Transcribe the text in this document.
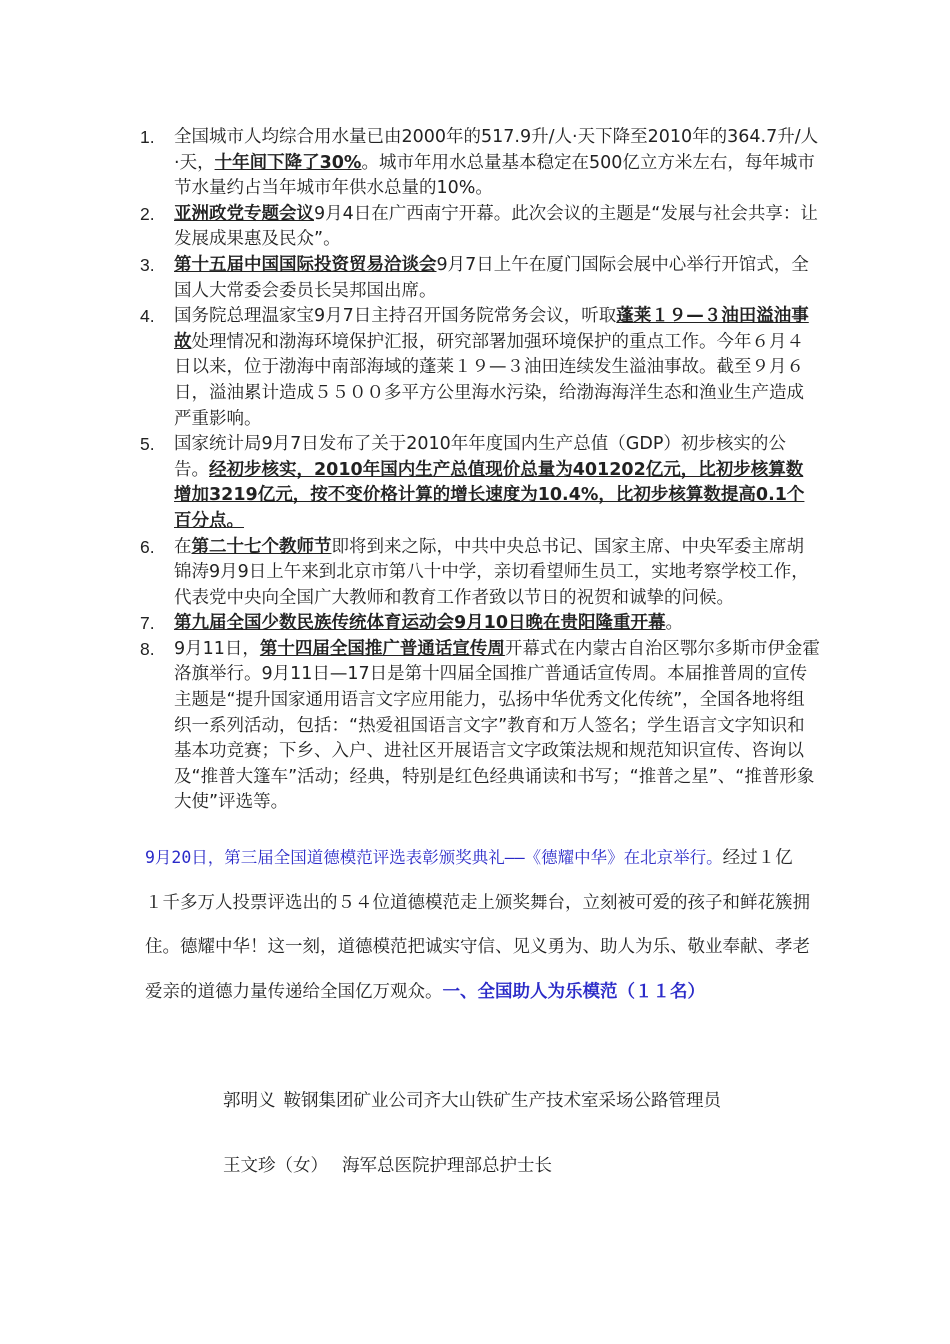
1.	全国城市人均综合用水量已由2000年的517.9升/人·天下降至2010年的364.7升/人·天，十年间下降了30%。城市年用水总量基本稳定在500亿立方米左右，每年城市节水量约占当年城市年供水总量的10%。
2.	亚洲政党专题会议9月4日在广西南宁开幕。此次会议的主题是“发展与社会共享：让发展成果惠及民众”。
3.	第十五届中国国际投资贸易洽谈会9月7日上午在厦门国际会展中心举行开馆式，全国人大常委会委员长吴邦国出席。
4.	国务院总理温家宝9月7日主持召开国务院常务会议，听取蓬莱１９—３油田溢油事故处理情况和渤海环境保护汇报，研究部署加强环境保护的重点工作。今年６月４日以来，位于渤海中南部海域的蓬莱１９—３油田连续发生溢油事故。截至９月６日，溢油累计造成５５００多平方公里海水污染，给渤海海洋生态和渔业生产造成严重影响。
5.	国家统计局9月7日发布了关于2010年年度国内生产总值（GDP）初步核实的公告。经初步核实，2010年国内生产总值现价总量为401202亿元，比初步核算数增加3219亿元，按不变价格计算的增长速度为10.4%，比初步核算数提高0.1个百分点。
6.	在第二十七个教师节即将到来之际，中共中央总书记、国家主席、中央军委主席胡锦涛9月9日上午来到北京市第八十中学，亲切看望师生员工，实地考察学校工作，代表党中央向全国广大教师和教育工作者致以节日的祝贺和诚挚的问候。
7.	第九届全国少数民族传统体育运动会9月10日晚在贵阳隆重开幕。
8.	9月11日，第十四届全国推广普通话宣传周开幕式在内蒙古自治区鄂尔多斯市伊金霍洛旗举行。9月11日—17日是第十四届全国推广普通话宣传周。本届推普周的宣传主题是“提升国家通用语言文字应用能力，弘扬中华优秀文化传统”，全国各地将组织一系列活动，包括：“热爱祖国语言文字”教育和万人签名；学生语言文字知识和基本功竞赛；下乡、入户、进社区开展语言文字政策法规和规范知识宣传、咨询以及“推普大篷车”活动；经典，特别是红色经典诵读和书写；“推普之星”、“推普形象大使”评选等。

9月20日，第三届全国道德模范评选表彰颁奖典礼——《德耀中华》在北京举行。经过１亿１千多万人投票评选出的５４位道德模范走上颁奖舞台，立刻被可爱的孩子和鲜花簇拥住。德耀中华！这一刻，道德模范把诚实守信、见义勇为、助人为乐、敬业奉献、孝老爱亲的道德力量传递给全国亿万观众。一、全国助人为乐模范（１１名）

郭明义 鞍钢集团矿业公司齐大山铁矿生产技术室采场公路管理员

王文珍（女） 海军总医院护理部总护士长
